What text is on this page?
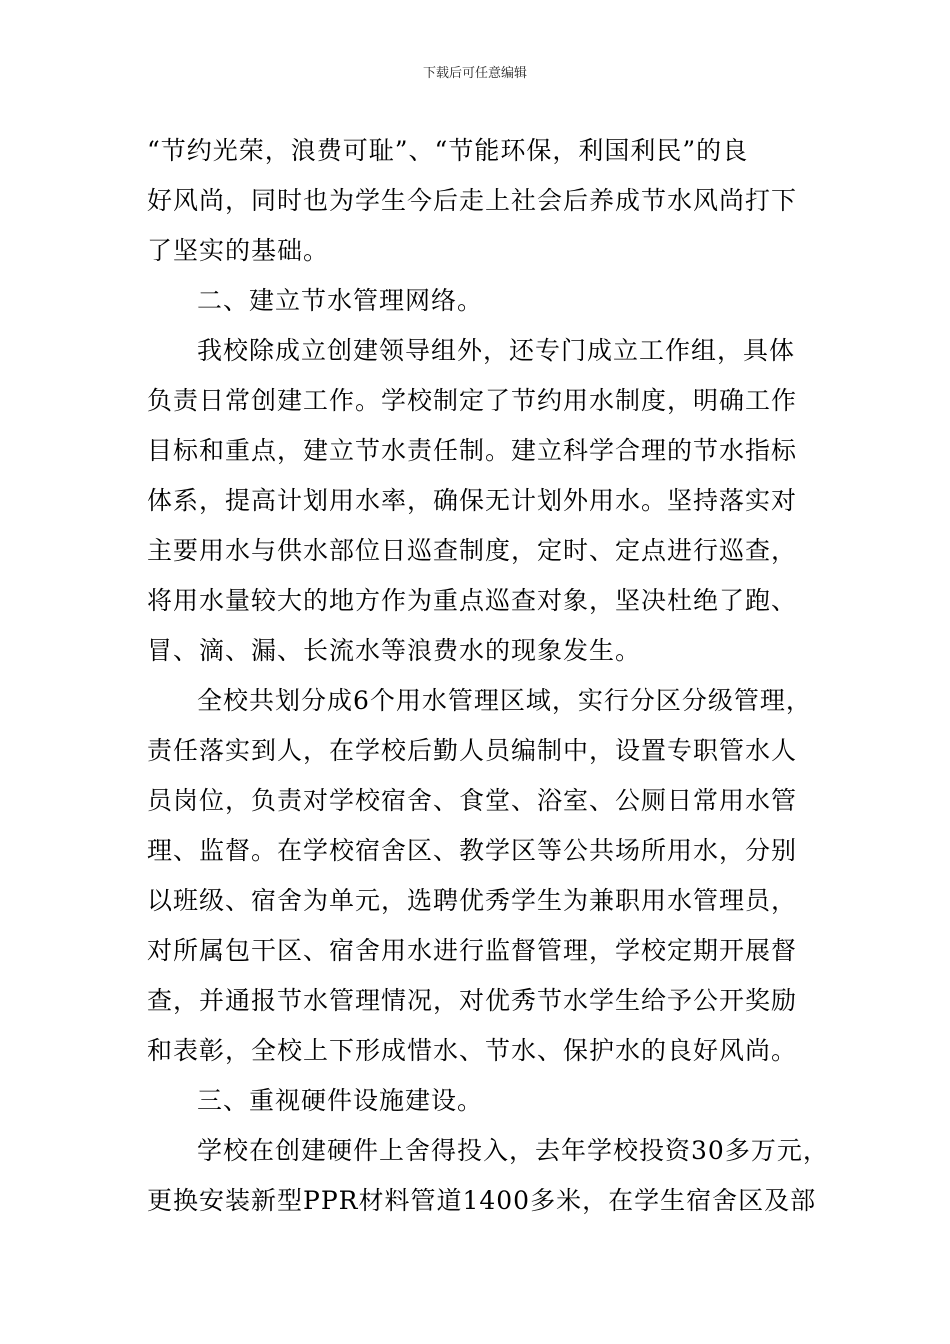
下载后可任意编辑
“节约光荣，浪费可耻”、“节能环保，利国利民”的良
好风尚，同时也为学生今后走上社会后养成节水风尚打下
了坚实的基础。
二、建立节水管理网络。
我校除成立创建领导组外，还专门成立工作组，具体
负责日常创建工作。学校制定了节约用水制度，明确工作
目标和重点，建立节水责任制。建立科学合理的节水指标
体系，提高计划用水率，确保无计划外用水。坚持落实对
主要用水与供水部位日巡查制度，定时、定点进行巡查，
将用水量较大的地方作为重点巡查对象，坚决杜绝了跑、
冒、滴、漏、长流水等浪费水的现象发生。
全校共划分成6个用水管理区域，实行分区分级管理，
责任落实到人，在学校后勤人员编制中，设置专职管水人
员岗位，负责对学校宿舍、食堂、浴室、公厕日常用水管
理、监督。在学校宿舍区、教学区等公共场所用水，分别
以班级、宿舍为单元，选聘优秀学生为兼职用水管理员，
对所属包干区、宿舍用水进行监督管理，学校定期开展督
查，并通报节水管理情况，对优秀节水学生给予公开奖励
和表彰，全校上下形成惜水、节水、保护水的良好风尚。
三、重视硬件设施建设。
学校在创建硬件上舍得投入，去年学校投资30多万元，
更换安装新型PPR材料管道1400多米，在学生宿舍区及部
